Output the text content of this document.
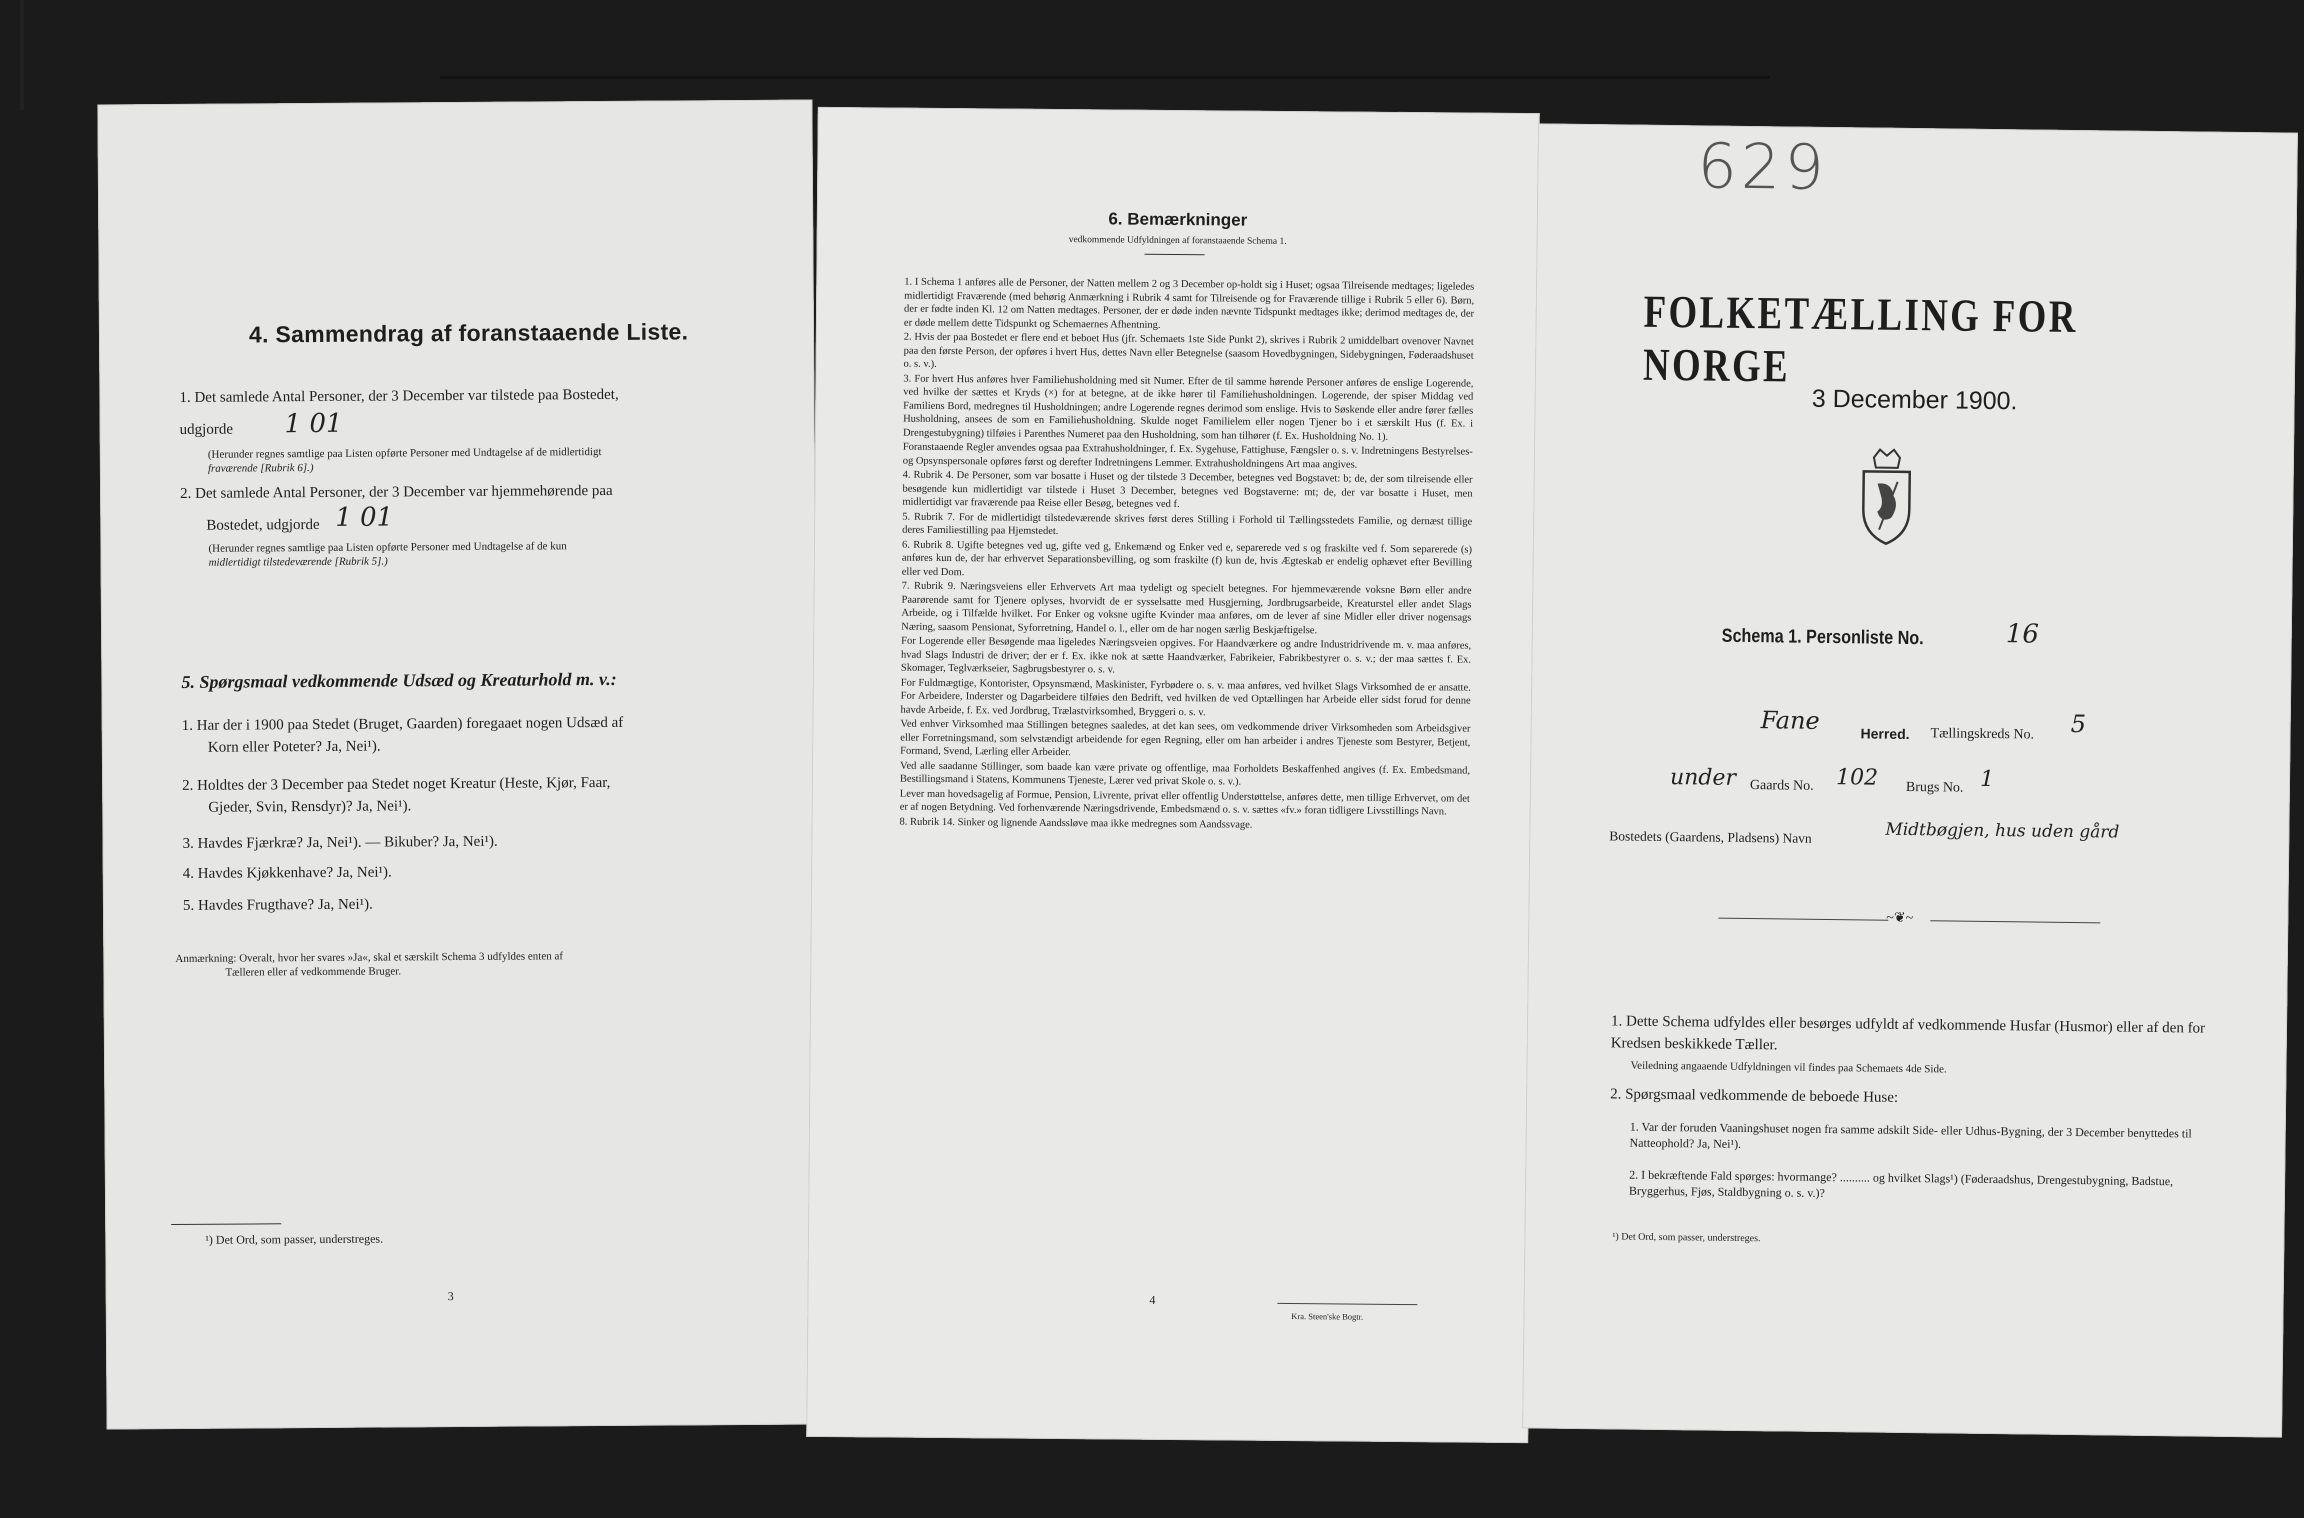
4. Sammendrag af foranstaaende Liste.
1. Det samlede Antal Personer, der 3 December var tilstede paa Bostedet,
udgjorde 1 01
(Herunder regnes samtlige paa Listen opførte Personer med Undtagelse af de midlertidigt
fraværende [Rubrik 6].)
2. Det samlede Antal Personer, der 3 December var hjemmehørende paa
Bostedet, udgjorde 1 01
(Herunder regnes samtlige paa Listen opførte Personer med Undtagelse af de kun
midlertidigt tilstedeværende [Rubrik 5].)
5. Spørgsmaal vedkommende Udsæd og Kreaturhold m. v.:
1. Har der i 1900 paa Stedet (Bruget, Gaarden) foregaaet nogen Udsæd af
Korn eller Poteter? Ja, Nei¹).
2. Holdtes der 3 December paa Stedet noget Kreatur (Heste, Kjør, Faar,
Gjeder, Svin, Rensdyr)? Ja, Nei¹).
3. Havdes Fjærkræ? Ja, Nei¹). — Bikuber? Ja, Nei¹).
4. Havdes Kjøkkenhave? Ja, Nei¹).
5. Havdes Frugthave? Ja, Nei¹).
Anmærkning: Overalt, hvor her svares »Ja«, skal et særskilt Schema 3 udfyldes enten af
Tælleren eller af vedkommende Bruger.
¹) Det Ord, som passer, understreges.
3
6. Bemærkninger
vedkommende Udfyldningen af foranstaaende Schema 1.
1. I Schema 1 anføres alle de Personer, der Natten mellem 2 og 3 December op-holdt sig i Huset; ogsaa Tilreisende medtages; ligeledes midlertidigt Fraværende (med behørig Anmærkning i Rubrik 4 samt for Tilreisende og for Fraværende tillige i Rubrik 5 eller 6). Børn, der er fødte inden Kl. 12 om Natten medtages. Personer, der er døde inden nævnte Tidspunkt medtages ikke; derimod medtages de, der er døde mellem dette Tidspunkt og Schemaernes Afhentning.
2. Hvis der paa Bostedet er flere end et beboet Hus (jfr. Schemaets 1ste Side Punkt 2), skrives i Rubrik 2 umiddelbart ovenover Navnet paa den første Person, der opføres i hvert Hus, dettes Navn eller Betegnelse (saasom Hovedbygningen, Sidebygningen, Føderaadshuset o. s. v.).
3. For hvert Hus anføres hver Familiehusholdning med sit Numer. Efter de til samme hørende Personer anføres de enslige Logerende, ved hvilke der sættes et Kryds (×) for at betegne, at de ikke hører til Familiehusholdningen. Logerende, der spiser Middag ved Familiens Bord, medregnes til Husholdningen; andre Logerende regnes derimod som enslige. Hvis to Søskende eller andre fører fælles Husholdning, ansees de som en Familiehusholdning. Skulde noget Familielem eller nogen Tjener bo i et særskilt Hus (f. Ex. i Drengestubygning) tilføies i Parenthes Numeret paa den Husholdning, som han tilhører (f. Ex. Husholdning No. 1).
Foranstaaende Regler anvendes ogsaa paa Extrahusholdninger, f. Ex. Sygehuse, Fattighuse, Fængsler o. s. v. Indretningens Bestyrelses- og Opsynspersonale opføres først og derefter Indretningens Lemmer. Extrahusholdningens Art maa angives.
4. Rubrik 4. De Personer, som var bosatte i Huset og der tilstede 3 December, betegnes ved Bogstavet: b; de, der som tilreisende eller besøgende kun midlertidigt var tilstede i Huset 3 December, betegnes ved Bogstaverne: mt; de, der var bosatte i Huset, men midlertidigt var fraværende paa Reise eller Besøg, betegnes ved f.
5. Rubrik 7. For de midlertidigt tilstedeværende skrives først deres Stilling i Forhold til Tællingsstedets Familie, og dernæst tillige deres Familiestilling paa Hjemstedet.
6. Rubrik 8. Ugifte betegnes ved ug, gifte ved g, Enkemænd og Enker ved e, separerede ved s og fraskilte ved f. Som separerede (s) anføres kun de, der har erhvervet Separationsbevilling, og som fraskilte (f) kun de, hvis Ægteskab er endelig ophævet efter Bevilling eller ved Dom.
7. Rubrik 9. Næringsveiens eller Erhvervets Art maa tydeligt og specielt betegnes. For hjemmeværende voksne Børn eller andre Paarørende samt for Tjenere oplyses, hvorvidt de er sysselsatte med Husgjerning, Jordbrugsarbeide, Kreaturstel eller andet Slags Arbeide, og i Tilfælde hvilket. For Enker og voksne ugifte Kvinder maa anføres, om de lever af sine Midler eller driver nogensags Næring, saasom Pensionat, Syforretning, Handel o. l., eller om de har nogen særlig Beskjæftigelse.
For Logerende eller Besøgende maa ligeledes Næringsveien opgives. For Haandværkere og andre Industridrivende m. v. maa anføres, hvad Slags Industri de driver; der er f. Ex. ikke nok at sætte Haandværker, Fabrikeier, Fabrikbestyrer o. s. v.; der maa sættes f. Ex. Skomager, Teglværkseier, Sagbrugsbestyrer o. s. v.
For Fuldmægtige, Kontorister, Opsynsmænd, Maskinister, Fyrbødere o. s. v. maa anføres, ved hvilket Slags Virksomhed de er ansatte. For Arbeidere, Inderster og Dagarbeidere tilføies den Bedrift, ved hvilken de ved Optællingen har Arbeide eller sidst forud for denne havde Arbeide, f. Ex. ved Jordbrug, Trælastvirksomhed, Bryggeri o. s. v.
Ved enhver Virksomhed maa Stillingen betegnes saaledes, at det kan sees, om vedkommende driver Virksomheden som Arbeidsgiver eller Forretningsmand, som selvstændigt arbeidende for egen Regning, eller om han arbeider i andres Tjeneste som Bestyrer, Betjent, Formand, Svend, Lærling eller Arbeider.
Ved alle saadanne Stillinger, som baade kan være private og offentlige, maa Forholdets Beskaffenhed angives (f. Ex. Embedsmand, Bestillingsmand i Statens, Kommunens Tjeneste, Lærer ved privat Skole o. s. v.).
Lever man hovedsagelig af Formue, Pension, Livrente, privat eller offentlig Understøttelse, anføres dette, men tillige Erhvervet, om det er af nogen Betydning. Ved forhenværende Næringsdrivende, Embedsmænd o. s. v. sættes «fv.» foran tidligere Livsstillings Navn.
8. Rubrik 14. Sinker og lignende Aandssløve maa ikke medregnes som Aandssvage.
4
Kra. Steen'ske Bogtr.
629
FOLKETÆLLING FOR NORGE
3 December 1900.
Schema 1. Personliste No.	16
Fane	Herred. Tællingskreds No. 5
under Gaards No. 102 Brugs No. 1
Bostedets (Gaardens, Pladsens) Navn	Midtbøgjen, hus uden gård
~❦~
1. Dette Schema udfyldes eller besørges udfyldt af vedkommende Husfar (Husmor) eller af den for Kredsen beskikkede Tæller.
Veiledning angaaende Udfyldningen vil findes paa Schemaets 4de Side.
2. Spørgsmaal vedkommende de beboede Huse:
1. Var der foruden Vaaningshuset nogen fra samme adskilt Side- eller Udhus-Bygning, der 3 December benyttedes til Natteophold? Ja, Nei¹).
2. I bekræftende Fald spørges: hvormange? .......... og hvilket Slags¹) (Føderaadshus, Drengestubygning, Badstue, Bryggerhus, Fjøs, Staldbygning o. s. v.)?
¹) Det Ord, som passer, understreges.
